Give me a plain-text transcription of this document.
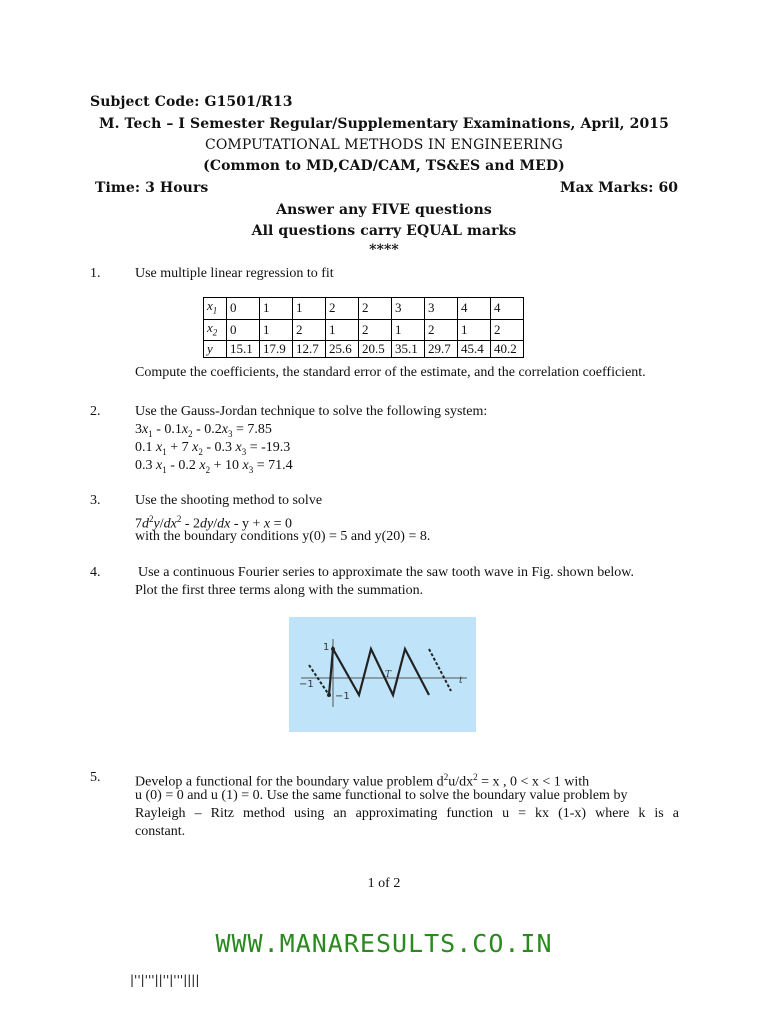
Subject Code: G1501/R13
M. Tech – I Semester Regular/Supplementary Examinations, April, 2015
COMPUTATIONAL METHODS IN ENGINEERING
(Common to MD,CAD/CAM, TS&ES and MED)
Time: 3 Hours	Max Marks: 60
Answer any FIVE questions
All questions carry EQUAL marks
****
1. Use multiple linear regression to fit
$x_1$	0	1	1	2	2	3	3	4	4
$x_2$	0	1	2	1	2	1	2	1	2
y	15.1	17.9	12.7	25.6	20.5	35.1	29.7	45.4	40.2
Compute the coefficients, the standard error of the estimate, and the correlation coefficient.
2. Use the Gauss-Jordan technique to solve the following system:
$3x_1 - 0.1x_2 - 0.2x_3 = 7.85$
0.1 $x_1 + 7$ $x_2 - 0.3$ $x_3 = -19.3$
0.3 $x_1 - 0.2$ $x_2 + 10$ $x_3 = 71.4$
3. Use the shooting method to solve
$7d^2y/dx^2 - 2dy/dx - y + x = 0$
with the boundary conditions y(0) = 5 and y(20) = 8.
4.	Use a continuous Fourier series to approximate the saw tooth wave in Fig. shown below.
Plot the first three terms along with the summation.
1
−1
−1
T
t
5. Develop a functional for the boundary value problem $d^2u/dx^2 = x$ , 0 < x < 1 with
u (0) = 0 and u (1) = 0. Use the same functional to solve the boundary value problem by
Rayleigh – Ritz method using an approximating function u = kx (1-x) where k is a
constant.
1 of 2
WWW.MANARESULTS.CO.IN
|''|'''||''|'''||||
